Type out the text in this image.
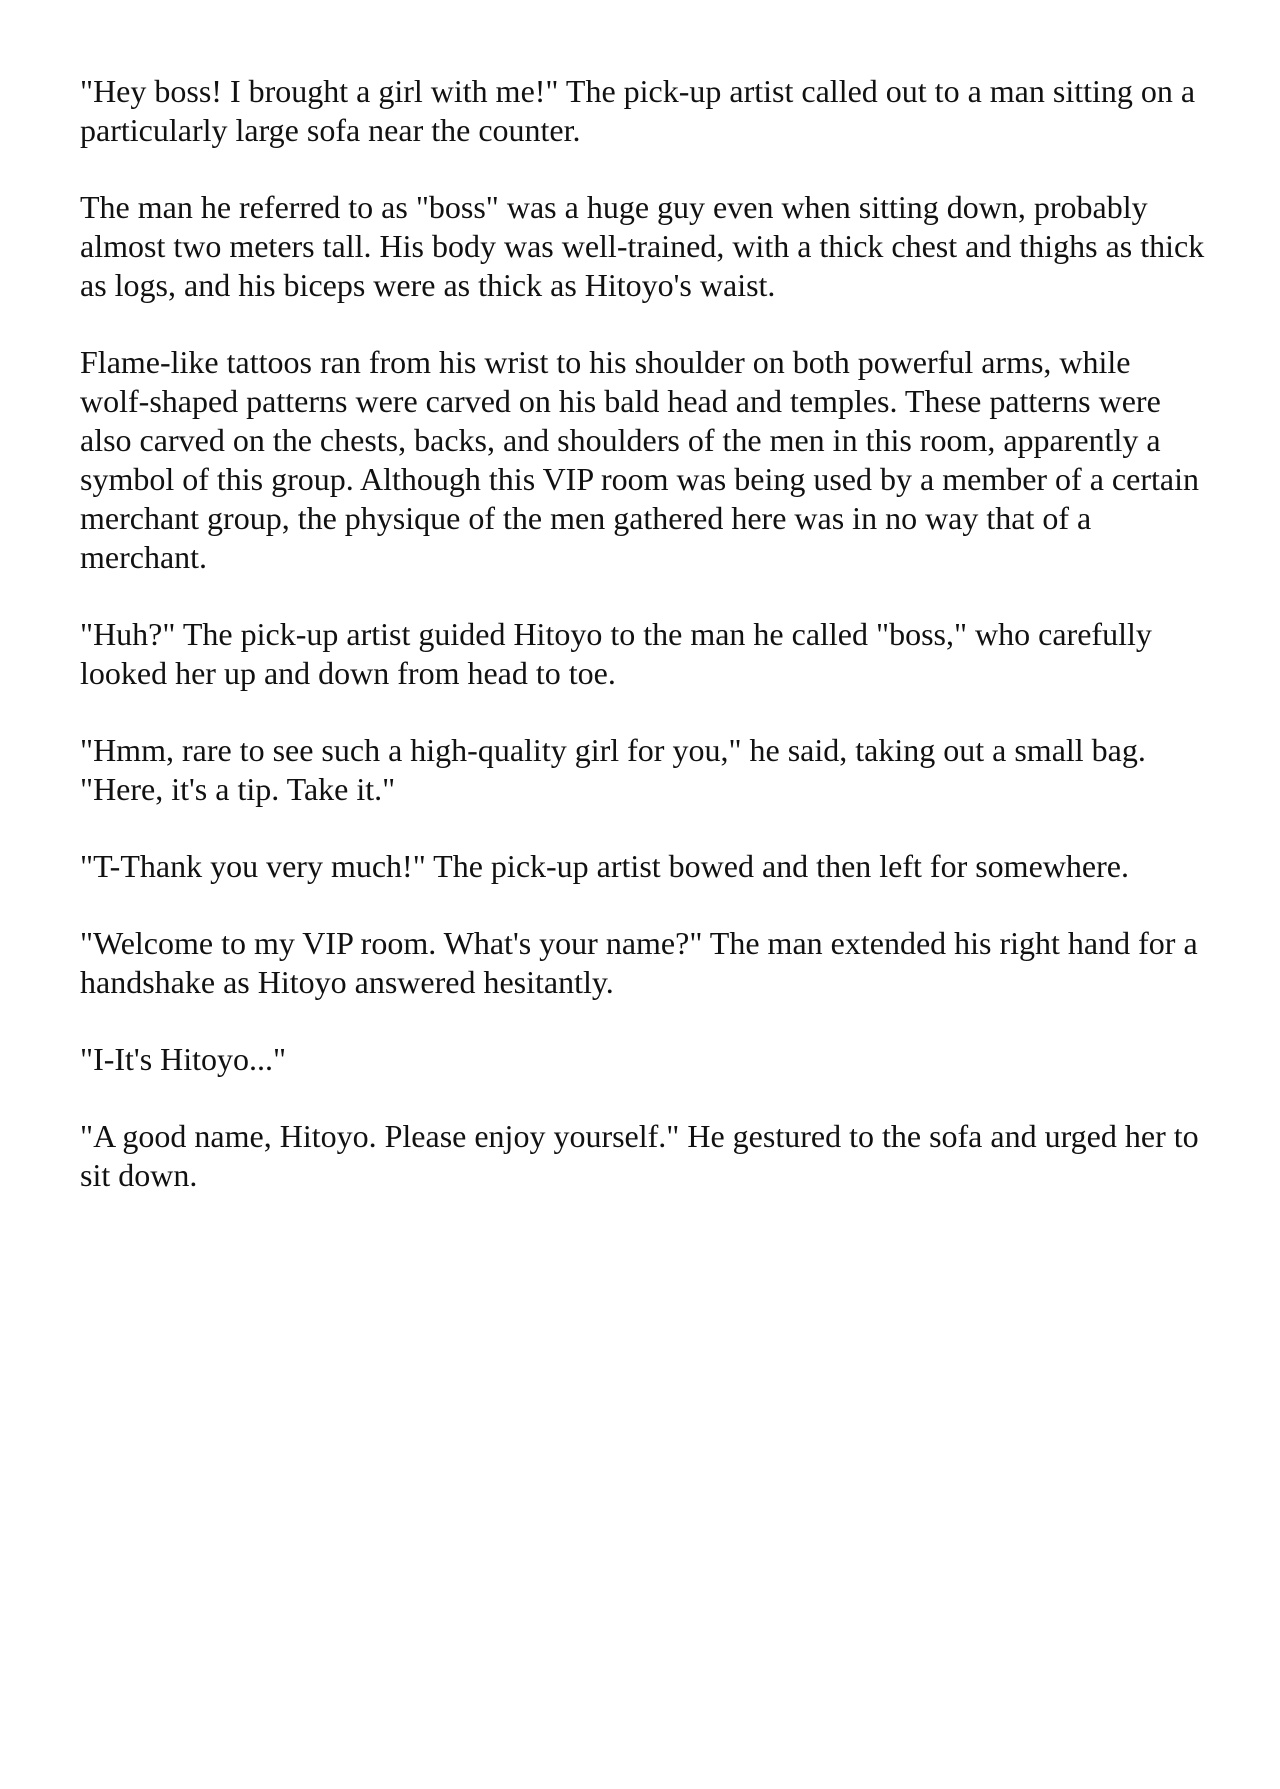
"Hey boss! I brought a girl with me!" The pick-up artist called out to a man sitting on a particularly large sofa near the counter.

The man he referred to as "boss" was a huge guy even when sitting down, probably almost two meters tall. His body was well-trained, with a thick chest and thighs as thick as logs, and his biceps were as thick as Hitoyo's waist.

Flame-like tattoos ran from his wrist to his shoulder on both powerful arms, while wolf-shaped patterns were carved on his bald head and temples. These patterns were also carved on the chests, backs, and shoulders of the men in this room, apparently a symbol of this group. Although this VIP room was being used by a member of a certain merchant group, the physique of the men gathered here was in no way that of a merchant.

"Huh?" The pick-up artist guided Hitoyo to the man he called "boss," who carefully looked her up and down from head to toe.

"Hmm, rare to see such a high-quality girl for you," he said, taking out a small bag. "Here, it's a tip. Take it."

"T-Thank you very much!" The pick-up artist bowed and then left for somewhere.

"Welcome to my VIP room. What's your name?" The man extended his right hand for a handshake as Hitoyo answered hesitantly.

"I-It's Hitoyo..."

"A good name, Hitoyo. Please enjoy yourself." He gestured to the sofa and urged her to sit down.
